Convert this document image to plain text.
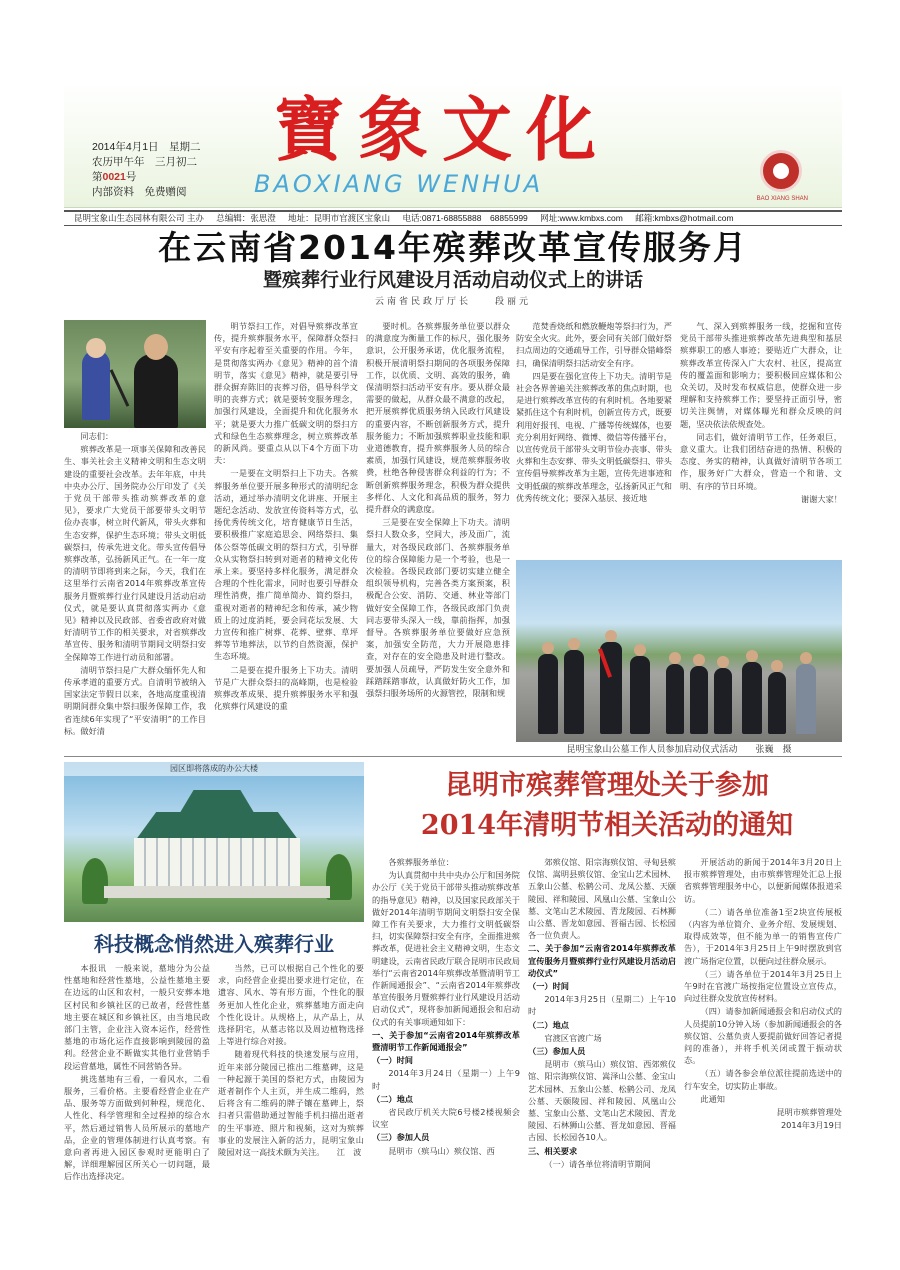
2014年4月1日　星期二
农历甲午年　三月初二
第0021号
内部资料　免费赠阅
寶象文化
BAOXIANG WENHUA
BAO XIANG SHAN
昆明宝象山生态园林有限公司 主办 总编辑：张思澄 地址：昆明市官渡区宝象山 电话:0871-68855888　68855999 网址:www.kmbxs.com 邮箱:kmbxs@hotmail.com
在云南省2014年殡葬改革宣传服务月
暨殡葬行业行风建设月活动启动仪式上的讲话
云南省民政厅厅长　　段丽元

同志们：

殡葬改革是一项事关保障和改善民生、事关社会主义精神文明和生态文明建设的重要社会改革。去年年底，中共中央办公厅、国务院办公厅印发了《关于党员干部带头推动殡葬改革的意见》，要求广大党员干部要带头文明节俭办丧事，树立时代新风，带头火葬和生态安葬，保护生态环境；带头文明低碳祭扫，传承先进文化。带头宣传倡导殡葬改革，弘扬新风正气。在一年一度的清明节即将到来之际，今天，我们在这里举行云南省2014年殡葬改革宣传服务月暨殡葬行业行风建设月活动启动仪式，就是要认真贯彻落实两办《意见》精神以及民政部、省委省政府对做好清明节工作的相关要求，对省殡葬改革宣传、服务和清明节期间文明祭扫安全保障等工作进行动员和部署。

清明节祭扫是广大群众缅怀先人和传承孝道的重要方式。自清明节被纳入国家法定节假日以来，各地高度重视清明期间群众集中祭扫服务保障工作，我省连续6年实现了“平安清明”的工作目标。做好清

明节祭扫工作，对倡导殡葬改革宣传，提升殡葬服务水平，保障群众祭扫平安有序起着至关重要的作用。今年，是贯彻落实两办《意见》精神的首个清明节，落实《意见》精神，就是要引导群众摒弃陈旧的丧葬习俗，倡导科学文明的丧葬方式；就是要转变服务理念，加强行风建设，全面提升和优化服务水平；就是要大力推广低碳文明的祭扫方式和绿色生态殡葬理念，树立殡葬改革的新风尚。要重点从以下4个方面下功夫：

一是要在文明祭扫上下功夫。各殡葬服务单位要开展多种形式的清明纪念活动，通过举办清明文化讲座、开展主题纪念活动、发放宣传资料等方式，弘扬优秀传统文化，培育健康节日生活，要积极推广家庭追思会、网络祭扫、集体公祭等低碳文明的祭扫方式，引导群众从实物祭扫转到对逝者的精神文化传承上来。要坚持多样化服务，满足群众合理的个性化需求，同时也要引导群众理性消费，推广简单简办、简约祭扫，重视对逝者的精神纪念和传承，减少物质上的过度消耗，要会同花坛发展、大力宣传和推广树葬、花葬、壁葬、草坪葬等节地葬法，以节约自然资源，保护生态环境。

二是要在提升服务上下功夫。清明节是广大群众祭扫的高峰期，也是检验殡葬改革成果、提升殡葬服务水平和强化殡葬行风建设的重

要时机。各殡葬服务单位要以群众的满意度为衡量工作的标尺，强化服务意识，公开服务承诺，优化服务流程，积极开展清明祭扫期间的各项服务保障工作，以优质、文明、高效的服务，确保清明祭扫活动平安有序。要从群众最需要的做起，从群众最不满意的改起，把开展殡葬优质服务纳入民政行风建设的重要内容，不断创新服务方式，提升服务能力；不断加强殡葬职业技能和职业道德教育，提升殡葬服务人员的综合素质，加强行风建设，规范殡葬服务收费，杜绝各种侵害群众利益的行为；不断创新殡葬服务理念，积极为群众提供多样化、人文化和高品质的服务，努力提升群众的满意度。

三是要在安全保障上下功夫。清明祭扫人数众多，空间大，涉及面广，流量大，对各级民政部门、各殡葬服务单位的综合保障能力是一个考验，也是一次检验。各级民政部门要切实建立健全组织领导机构，完善各类方案预案，积极配合公安、消防、交通、林业等部门做好安全保障工作，各级民政部门负责同志要带头深入一线，靠前指挥，加强督导。各殡葬服务单位要做好应急预案，加强安全防范，大力开展隐患排查，对存在的安全隐患及时进行整改。要加强人员疏导，严防发生安全意外和踩踏踩踏事故，认真做好防火工作，加强祭扫服务场所的火源管控，限制和规

范焚香烧纸和燃放鞭炮等祭扫行为，严防安全火灾。此外，要会同有关部门做好祭扫点周边的交通疏导工作，引导群众错峰祭扫，确保清明祭扫活动安全有序。

四是要在强化宣传上下功夫。清明节是社会各界普遍关注殡葬改革的焦点时期，也是进行殡葬改革宣传的有利时机。各地要紧紧抓住这个有利时机，创新宣传方式，既要利用好报刊、电视、广播等传统媒体，也要充分利用好网络、微博、微信等传播平台，以宣传党员干部带头文明节俭办丧事、带头火葬和生态安葬、带头文明低碳祭扫、带头宣传倡导殡葬改革为主题，宣传先进事迹和文明低碳的殡葬改革理念，弘扬新风正气和优秀传统文化；要深入基层、接近地

气、深入到殡葬服务一线，挖掘和宣传党员干部带头推进殡葬改革先进典型和基层殡葬职工的感人事迹；要贴近广大群众，让殡葬改革宣传深入广大农村、社区，提高宣传的覆盖面和影响力；要积极回应媒体和公众关切，及时发布权威信息，使群众进一步理解和支持殡葬工作；要坚持正面引导，密切关注舆情，对媒体曝光和群众反映的问题，坚决依法依规查处。

同志们，做好清明节工作，任务艰巨，意义重大。让我们团结奋进的热情、积极的态度、务实的精神，认真做好清明节各项工作，服务好广大群众，营造一个和谐、文明、有序的节日环境。

谢谢大家！

昆明宝象山公墓工作人员参加启动仪式活动　　张巍　摄
园区即将落成的办公大楼
科技概念悄然进入殡葬行业

本报讯　一般来说，墓地分为公益性墓地和经营性墓地，公益性墓地主要在边远的山区和农村，一般只安葬本地区村民和乡镇社区的已故者，经营性墓地主要在城区和乡镇社区，由当地民政部门主管，企业注入资本运作，经营性墓地的市场化运作直接影响到陵园的盈利。经营企业不断做实其他行业营销手段运营墓地，属性不同营销各异。

挑选墓地有三看，一看风水，二看服务，三看价格。主要看经营企业在产品、服务等方面做到何种程，规范化、人性化、科学管理和全过程掉的综合水平，然后通过销售人员所展示的墓地产品，企业的管理体制进行认真考察。有意向者再进入园区参观时更能明白了解，详细理解园区所关心一切问题，最后作出选择决定。

当然，已可以根据自己个性化的要求，向经营企业提出要求进行定位，在遗容、风水、等有形方面，个性化的服务更加人性化企业，殡葬墓地方面走向个性化设计。从规格上，从产品上，从选择阴宅，从墓志铭以及周边植物选择上等进行综合对接。

随着现代科技的快速发展与应用，近年来部分陵园已推出二维墓碑，这是一种起源于美国的祭祀方式，由陵园为逝者制作个人主页，并生成二维码，然后将含有二维码的牌子镶在墓碑上，祭扫者只需借助通过智能手机扫描出逝者的生平事迹、照片和视频，这对为殡葬事业的发展注入新的活力，昆明宝象山陵园对这一高技术颇为关注。　　江　波

昆明市殡葬管理处关于参加
2014年清明节相关活动的通知

各殡葬服务单位：

为认真贯彻中共中央办公厅和国务院办公厅《关于党员干部带头推动殡葬改革的指导意见》精神，以及国家民政部关于做好2014年清明节期间文明祭扫安全保障工作有关要求，大力推行文明低碳祭扫，切实保障祭扫安全有序，全面推进殡葬改革，促进社会主义精神文明，生态文明建设，云南省民政厅联合昆明市民政局举行“云南省2014年殡葬改革暨清明节工作新闻通报会”、“云南省2014年殡葬改革宣传服务月暨殡葬行业行风建设月活动启动仪式”，现将参加新闻通报会和启动仪式的有关事项通知如下：

一、关于参加“云南省2014年殡葬改革暨清明节工作新闻通报会”

（一）时间

2014年3月24日（星期一）上午9时

（二）地点

省民政厅机关大院6号楼2楼视频会议室

（三）参加人员

昆明市（殡马山）殡仪馆、西

郊殡仪馆、阳宗海殡仪馆、寻甸县殡仪馆、嵩明县殡仪馆、金宝山艺术园林、五象山公墓、松鹤公司、龙凤公墓、天颐陵园、祥和陵园、风凰山公墓、宝象山公墓、文笔山艺术陵园、青龙陵园、石林狮山公墓、晋龙如意园、晋福古园、长松园各一位负责人。

二、关于参加“云南省2014年殡葬改革宣传服务月暨殡葬行业行风建设月活动启动仪式”

（一）时间

2014年3月25日（星期二）上午10时

（二）地点

官渡区官渡广场

（三）参加人员

昆明市（殡马山）殡仪馆、西郊殡仪馆、阳宗海殡仪馆、嵩泽山公墓、金宝山艺术园林、五象山公墓、松鹤公司、龙凤公墓、天颐陵园、祥和陵园、风凰山公墓、宝象山公墓、文笔山艺术陵园、青龙陵园、石林狮山公墓、晋龙如意园、晋福古园、长松园各10人。

三、相关要求

（一）请各单位将清明节期间

开展活动的新闻于2014年3月20日上报市殡葬管理处，由市殡葬管理处汇总上报省殡葬管理服务中心，以便新闻媒体报道采访。

（二）请各单位准备1至2块宣传展板（内容为单位简介、业务介绍、发展规划、取得成效等，但不能为单一的销售宣传广告），于2014年3月25日上午9时摆放到官渡广场指定位置，以便向过往群众展示。

（三）请各单位于2014年3月25日上午9时在官渡广场按指定位置设立宣传点，向过往群众发放宣传材料。

（四）请参加新闻通报会和启动仪式的人员提前10分钟入场（参加新闻通报会的各殡仪馆、公墓负责人要提前做好回答记者提问的准备），并将手机关闭或置于振动状态。

（五）请各参会单位派往提前选送中的行车安全，切实防止事故。

此通知

昆明市殡葬管理处

2014年3月19日
